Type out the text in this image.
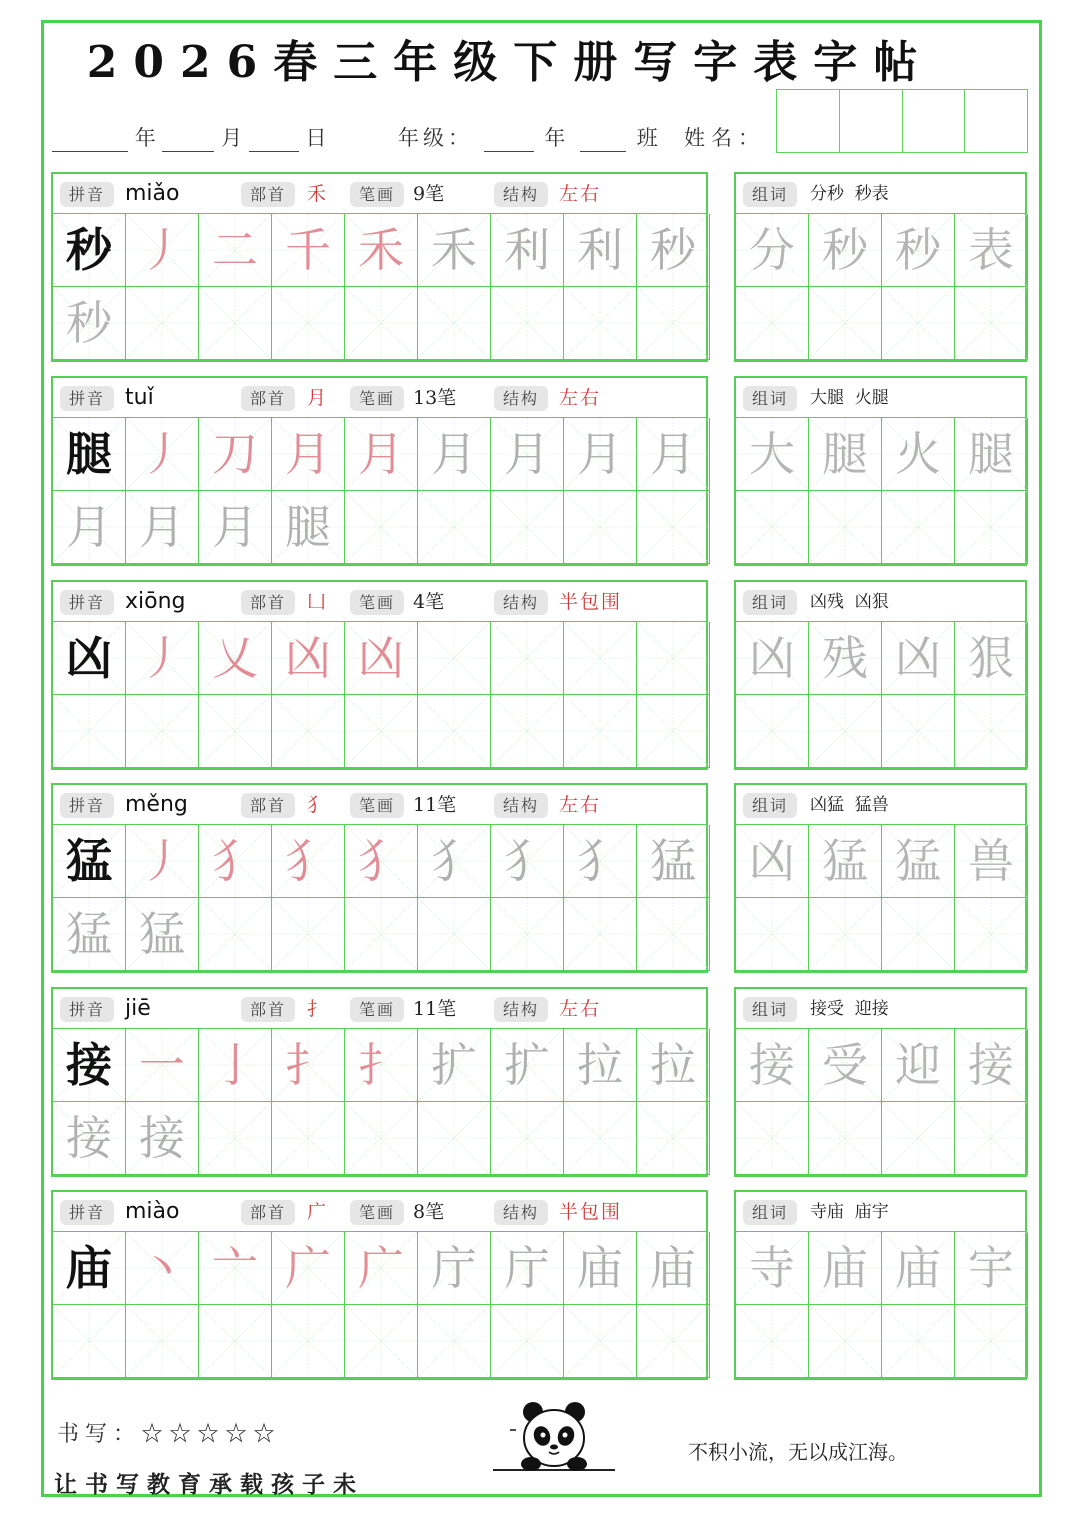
2026春三年级下册写字表字帖
年	月	日	年级：	年	班 姓名：
拼音 miǎo	部首	禾	笔画 9笔	结构	左右
秒 丿 二 千 禾 禾 利 利 秒
秒
组词	分秒  秒表
分 秒 秒 表
拼音 tuǐ	部首	月	笔画 13笔	结构	左右
腿 丿 刀 月 月 月 月 月 月
月 月 月 腿
组词	大腿  火腿
大 腿 火 腿
拼音 xiōng	部首	凵	笔画 4笔	结构	半包围
凶 丿 乂 凶 凶
组词	凶残  凶狠
凶 残 凶 狠
拼音 měng	部首	犭	笔画 11笔	结构	左右
猛 丿 犭 犭 犭 犭 犭 犭 猛
猛 猛
组词	凶猛  猛兽
凶 猛 猛 兽
拼音 jiē	部首	扌	笔画 11笔	结构	左右
接 一 亅 扌 扌 扩 扩 拉 拉
接 接
组词	接受  迎接
接 受 迎 接
拼音 miào	部首	广	笔画 8笔	结构	半包围
庙 丶 亠 广 广 庁 庁 庙 庙
组词	寺庙  庙宇
寺 庙 庙 宇
书写：☆☆☆☆☆
让书写教育承载孩子未
不积小流，无以成江海。
